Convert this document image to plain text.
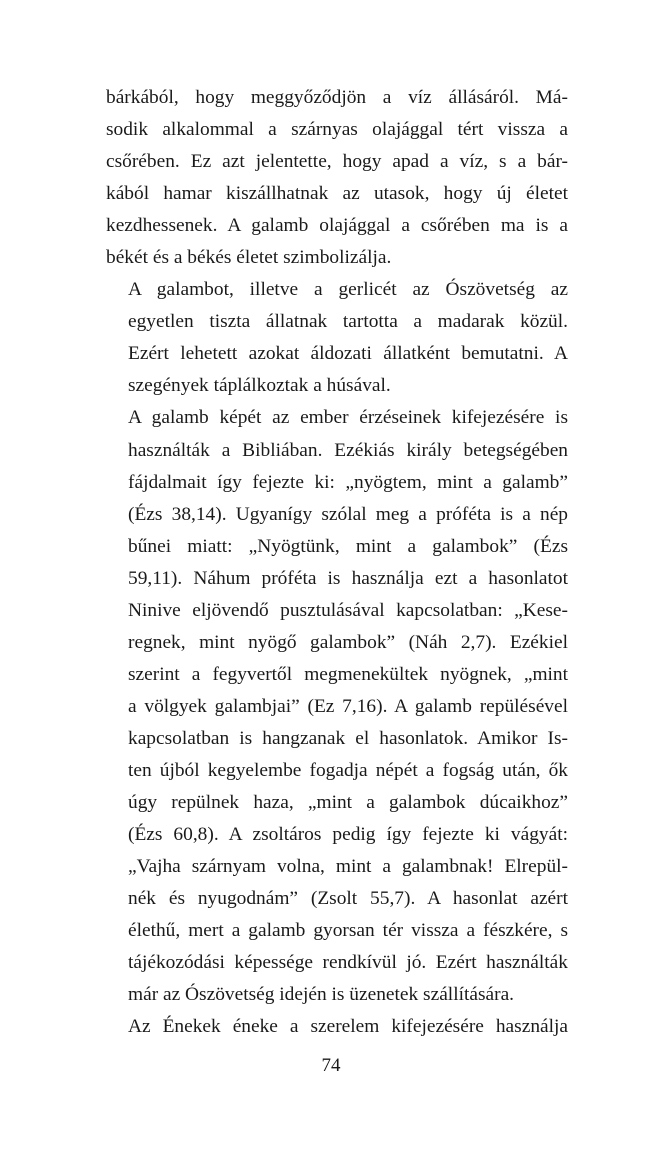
bárkából, hogy meggyőződjön a víz állásáról. Má-
sodik alkalommal a szárnyas olajággal tért vissza a
csőrében. Ez azt jelentette, hogy apad a víz, s a bár-
kából hamar kiszállhatnak az utasok, hogy új életet
kezdhessenek. A galamb olajággal a csőrében ma is a
békét és a békés életet szimbolizálja.

A galambot, illetve a gerlicét az Ószövetség az
egyetlen tiszta állatnak tartotta a madarak közül.
Ezért lehetett azokat áldozati állatként bemutatni. A
szegények táplálkoztak a húsával.

A galamb képét az ember érzéseinek kifejezésére is
használták a Bibliában. Ezékiás király betegségében
fájdalmait így fejezte ki: „nyögtem, mint a galamb”
(Ézs 38,14). Ugyanígy szólal meg a próféta is a nép
bűnei miatt: „Nyögtünk, mint a galambok” (Ézs
59,11). Náhum próféta is használja ezt a hasonlatot
Ninive eljövendő pusztulásával kapcsolatban: „Kese-
regnek, mint nyögő galambok” (Náh 2,7). Ezékiel
szerint a fegyvertől megmenekültek nyögnek, „mint
a völgyek galambjai” (Ez 7,16). A galamb repülésével
kapcsolatban is hangzanak el hasonlatok. Amikor Is-
ten újból kegyelembe fogadja népét a fogság után, ők
úgy repülnek haza, „mint a galambok dúcaikhoz”
(Ézs 60,8). A zsoltáros pedig így fejezte ki vágyát:
„Vajha szárnyam volna, mint a galambnak! Elrepül-
nék és nyugodnám” (Zsolt 55,7). A hasonlat azért
élethű, mert a galamb gyorsan tér vissza a fészkére, s
tájékozódási képessége rendkívül jó. Ezért használták
már az Ószövetség idején is üzenetek szállítására.

Az Énekek éneke a szerelem kifejezésére használja

74
